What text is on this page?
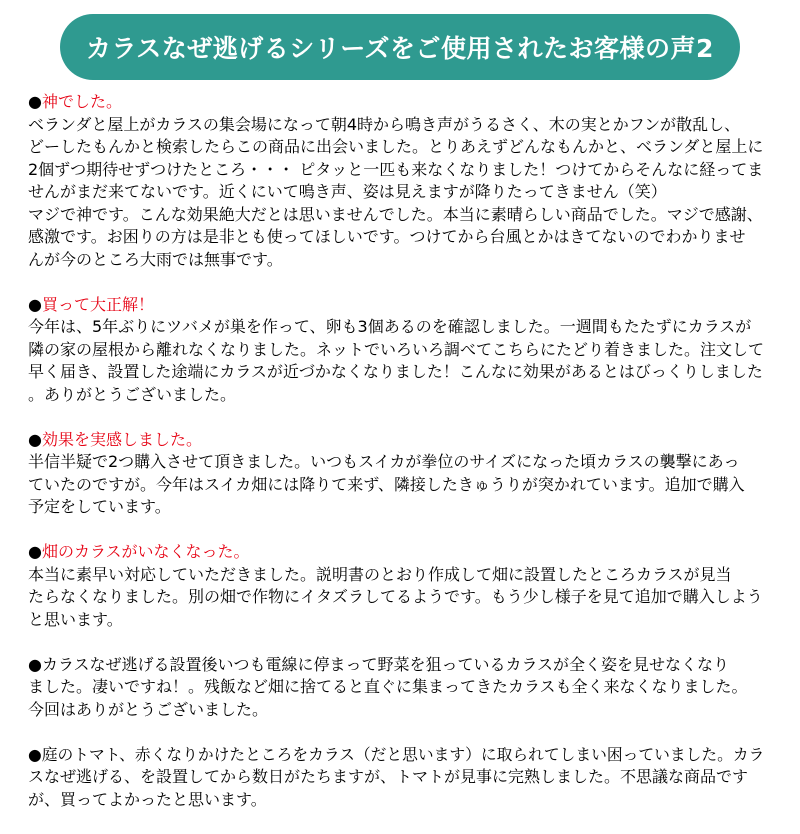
カラスなぜ逃げるシリーズをご使用されたお客様の声2
●神でした。
ベランダと屋上がカラスの集会場になって朝4時から鳴き声がうるさく、木の実とかフンが散乱し、
どーしたもんかと検索したらこの商品に出会いました。とりあえずどんなもんかと、ベランダと屋上に
2個ずつ期待せずつけたところ・・・ ピタッと一匹も来なくなりました！つけてからそんなに経ってま
せんがまだ来てないです。近くにいて鳴き声、姿は見えますが降りたってきません（笑）
マジで神です。こんな効果絶大だとは思いませんでした。本当に素晴らしい商品でした。マジで感謝、
感激です。お困りの方は是非とも使ってほしいです。つけてから台風とかはきてないのでわかりませ
んが今のところ大雨では無事です。
●買って大正解！
今年は、5年ぶりにツバメが巣を作って、卵も3個あるのを確認しました。一週間もたたずにカラスが
隣の家の屋根から離れなくなりました。ネットでいろいろ調べてこちらにたどり着きました。注文して
早く届き、設置した途端にカラスが近づかなくなりました！こんなに効果があるとはびっくりしました
。ありがとうございました。
●効果を実感しました。
半信半疑で2つ購入させて頂きました。いつもスイカが拳位のサイズになった頃カラスの襲撃にあっ
ていたのですが。今年はスイカ畑には降りて来ず、隣接したきゅうりが突かれています。追加で購入
予定をしています。
●畑のカラスがいなくなった。
本当に素早い対応していただきました。説明書のとおり作成して畑に設置したところカラスが見当
たらなくなりました。別の畑で作物にイタズラしてるようです。もう少し様子を見て追加で購入しよう
と思います。
●カラスなぜ逃げる設置後いつも電線に停まって野菜を狙っているカラスが全く姿を見せなくなり
ました。凄いですね！。残飯など畑に捨てると直ぐに集まってきたカラスも全く来なくなりました。
今回はありがとうございました。
●庭のトマト、赤くなりかけたところをカラス（だと思います）に取られてしまい困っていました。カラ
スなぜ逃げる、を設置してから数日がたちますが、トマトが見事に完熟しました。不思議な商品です
が、買ってよかったと思います。
